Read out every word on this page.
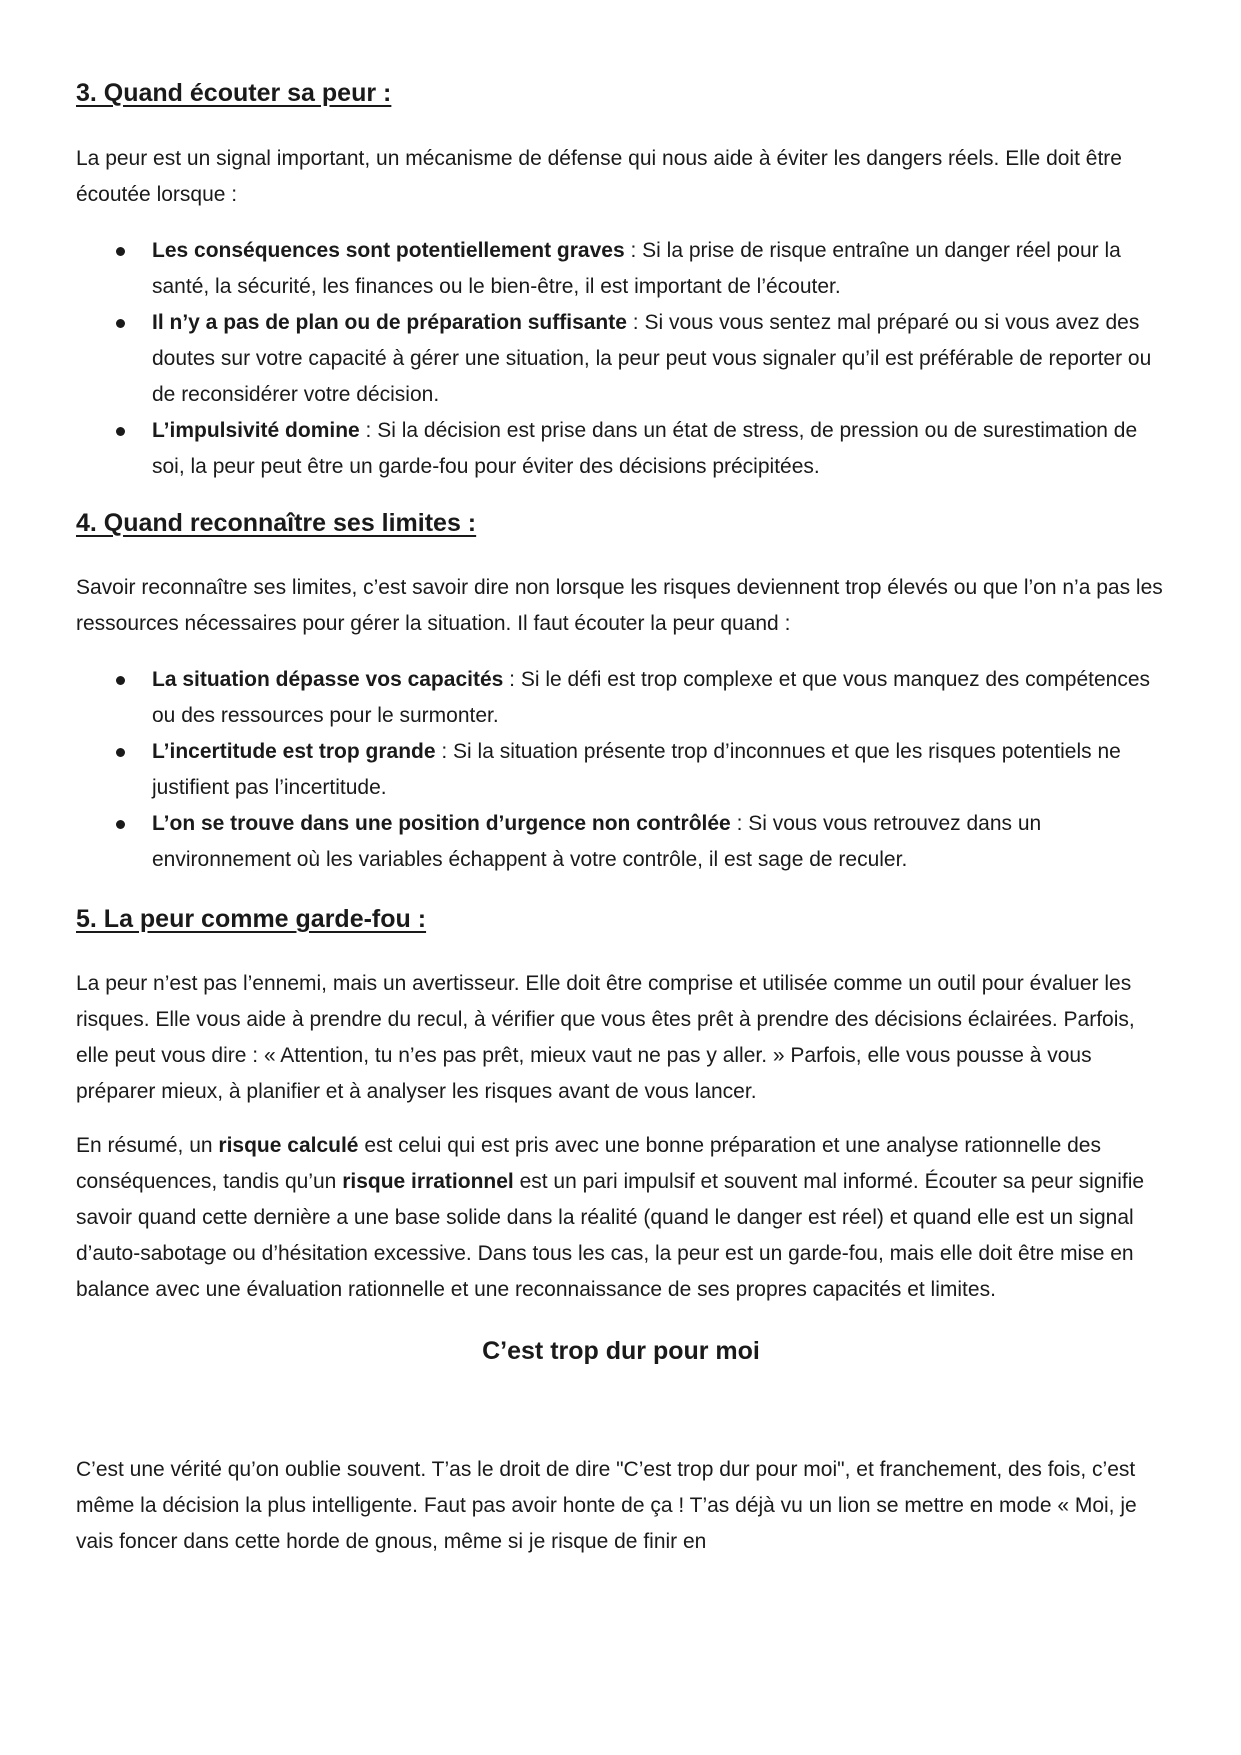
3. Quand écouter sa peur :

La peur est un signal important, un mécanisme de défense qui nous aide à éviter les dangers réels. Elle doit être écoutée lorsque :

Les conséquences sont potentiellement graves : Si la prise de risque entraîne un danger réel pour la santé, la sécurité, les finances ou le bien-être, il est important de l’écouter.
Il n’y a pas de plan ou de préparation suffisante : Si vous vous sentez mal préparé ou si vous avez des doutes sur votre capacité à gérer une situation, la peur peut vous signaler qu’il est préférable de reporter ou de reconsidérer votre décision.
L’impulsivité domine : Si la décision est prise dans un état de stress, de pression ou de surestimation de soi, la peur peut être un garde-fou pour éviter des décisions précipitées.
4. Quand reconnaître ses limites :

Savoir reconnaître ses limites, c’est savoir dire non lorsque les risques deviennent trop élevés ou que l’on n’a pas les ressources nécessaires pour gérer la situation. Il faut écouter la peur quand :

La situation dépasse vos capacités : Si le défi est trop complexe et que vous manquez des compétences ou des ressources pour le surmonter.
L’incertitude est trop grande : Si la situation présente trop d’inconnues et que les risques potentiels ne justifient pas l’incertitude.
L’on se trouve dans une position d’urgence non contrôlée : Si vous vous retrouvez dans un environnement où les variables échappent à votre contrôle, il est sage de reculer.
5. La peur comme garde-fou :

La peur n’est pas l’ennemi, mais un avertisseur. Elle doit être comprise et utilisée comme un outil pour évaluer les risques. Elle vous aide à prendre du recul, à vérifier que vous êtes prêt à prendre des décisions éclairées. Parfois, elle peut vous dire : « Attention, tu n’es pas prêt, mieux vaut ne pas y aller. » Parfois, elle vous pousse à vous préparer mieux, à planifier et à analyser les risques avant de vous lancer.

En résumé, un risque calculé est celui qui est pris avec une bonne préparation et une analyse rationnelle des conséquences, tandis qu’un risque irrationnel est un pari impulsif et souvent mal informé. Écouter sa peur signifie savoir quand cette dernière a une base solide dans la réalité (quand le danger est réel) et quand elle est un signal d’auto-sabotage ou d’hésitation excessive. Dans tous les cas, la peur est un garde-fou, mais elle doit être mise en balance avec une évaluation rationnelle et une reconnaissance de ses propres capacités et limites.

C’est trop dur pour moi

C’est une vérité qu’on oublie souvent. T’as le droit de dire "C’est trop dur pour moi", et franchement, des fois, c’est même la décision la plus intelligente. Faut pas avoir honte de ça ! T’as déjà vu un lion se mettre en mode « Moi, je vais foncer dans cette horde de gnous, même si je risque de finir en
